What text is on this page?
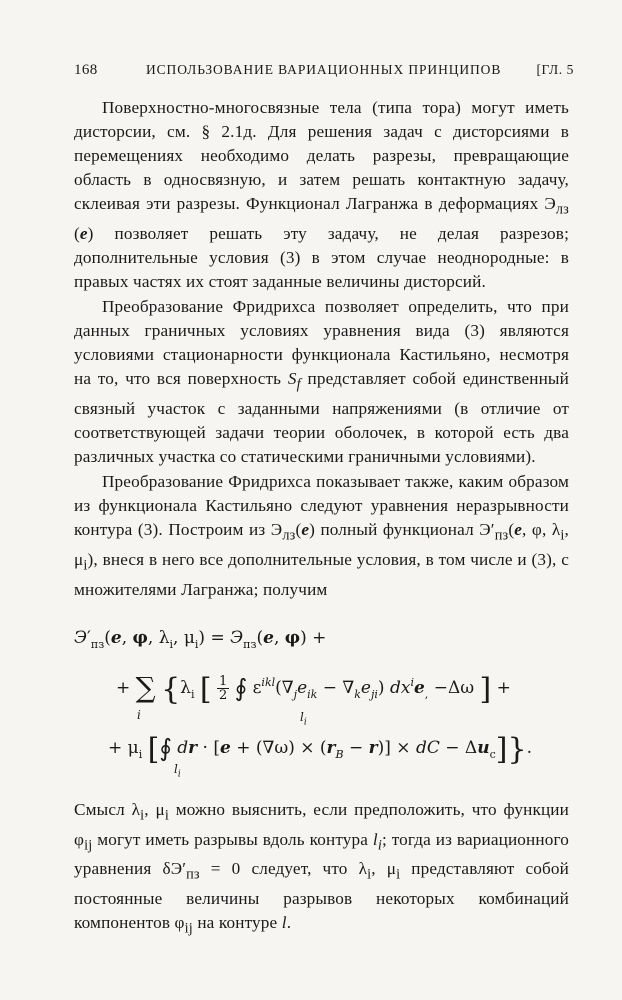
168	ИСПОЛЬЗОВАНИЕ ВАРИАЦИОННЫХ ПРИНЦИПОВ	[ГЛ. 5

Поверхностно-многосвязные тела (типа тора) могут иметь дисторсии, см. § 2.1д. Для решения задач с дисторсиями в перемещениях необходимо делать разрезы, превращающие область в односвязную, и затем решать контактную задачу, склеивая эти разрезы. Функционал Лагранжа в деформациях $Э_{лз}$ (e) позволяет решать эту задачу, не делая разрезов; дополнительные условия (3) в этом случае неоднородные: в правых частях их стоят заданные величины дисторсий.

Преобразование Фридрихса позволяет определить, что при данных граничных условиях уравнения вида (3) являются условиями стационарности функционала Кастильяно, несмотря на то, что вся поверхность $S_f$ представляет собой единственный связный участок с заданными напряжениями (в отличие от соответствующей задачи теории оболочек, в которой есть два различных участка со статическими граничными условиями).

Преобразование Фридрихса показывает также, каким образом из функционала Кастильяно следуют уравнения неразрывности контура (3). Построим из $Э_{лз}(e)$ полный функционал $Э'_{пз}(e$, φ, $\lambda_i$, $\mu_i$), внеся в него все дополнительные условия, в том числе и (3), с множителями Лагранжа; получим

$Э'_{пз}(e$, φ, $\lambda_i$, $\mu_i) = Э_{пз}(e$, φ) +
+ ∑ {$\lambda_i$ [ $\frac{1}{2}$ ∮ $\varepsilon^{ikl}(\nabla_je_{ik} - \nabla_ke_{ji})$ $dx^ie_, -\Delta\omega$ ] +
i	$l_i$
+ $\mu_i$ [∮ dr · $[e + (\nabla\omega) \times (r_B - r)]$ × dC − $\Delta u_c$]}.
$l_i$

Смысл $\lambda_i$, $\mu_i$ можно выяснить, если предположить, что функции $\varphi_{ij}$ могут иметь разрывы вдоль контура $l_i$; тогда из вариационного уравнения $\delta Э'_{пз} = 0$ следует, что $\lambda_i$, $\mu_i$ представляют собой постоянные величины разрывов некоторых комбинаций компонентов $\varphi_{ij}$ на контуре l.
